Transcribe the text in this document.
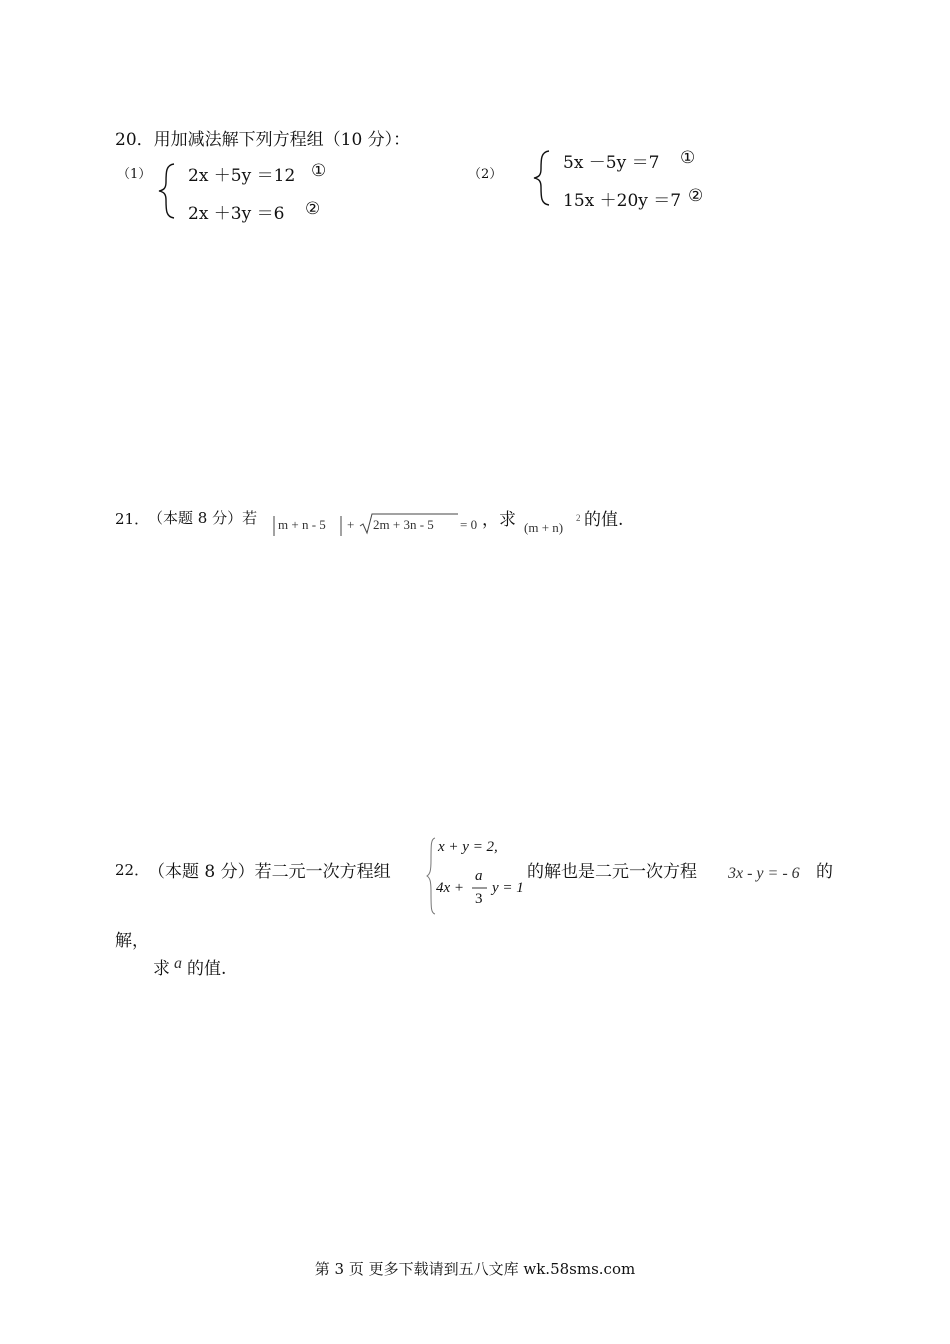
20．用加减法解下列方程组（10 分）：
（1） 2x ＋5y ＝12 ①
2x ＋3y ＝6 ②
（2）
5x －5y ＝7 ①
15x ＋20y ＝7 ②
21．
（本题 8 分）若 m + n - 5 + 2m + 3n - 5 = 0 ，求 (m + n)
2 的值.
22．
（本题 8 分）若二元一次方程组
x + y = 2,
4x +
a
3
y = 1
的解也是二元一次方程 3x - y = - 6 的
解，
求 a 的值.
第 3 页 更多下载请到五八文库 wk.58sms.com
